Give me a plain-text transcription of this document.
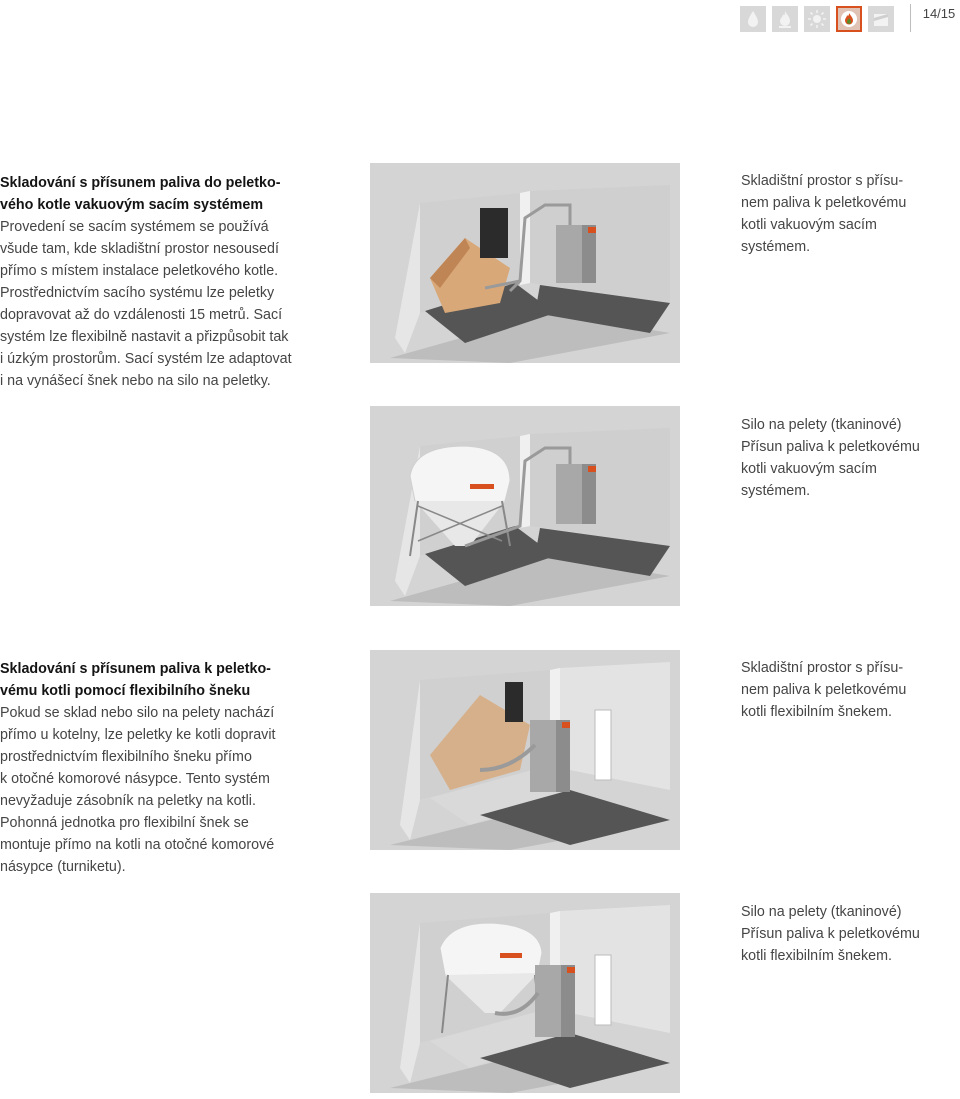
14/15
Skladování s přísunem paliva do peletko-
vého kotle vakuovým sacím systémem

Provedení se sacím systémem se používá
všude tam, kde skladištní prostor nesousedí
přímo s místem instalace peletkového kotle.
Prostřednictvím sacího systému lze peletky
dopravovat až do vzdálenosti 15 metrů. Sací
systém lze flexibilně nastavit a přizpůsobit tak
i úzkým prostorům. Sací systém lze adaptovat
i na vynášecí šnek nebo na silo na peletky.

Skladování s přísunem paliva k peletko-
vému kotli pomocí flexibilního šneku

Pokud se sklad nebo silo na pelety nachází
přímo u kotelny, lze peletky ke kotli dopravit
prostřednictvím flexibilního šneku přímo
k otočné komorové násypce. Tento systém
nevyžaduje zásobník na peletky na kotli.
Pohonná jednotka pro flexibilní šnek se
montuje přímo na kotli na otočné komorové
násypce (turniketu).

Skladištní prostor s přísu-
nem paliva k peletkovému
kotli vakuovým sacím
systémem.
Silo na pelety (tkaninové)
Přísun paliva k peletkovému
kotli vakuovým sacím
systémem.
Skladištní prostor s přísu-
nem paliva k peletkovému
kotli flexibilním šnekem.
Silo na pelety (tkaninové)
Přísun paliva k peletkovému
kotli flexibilním šnekem.
